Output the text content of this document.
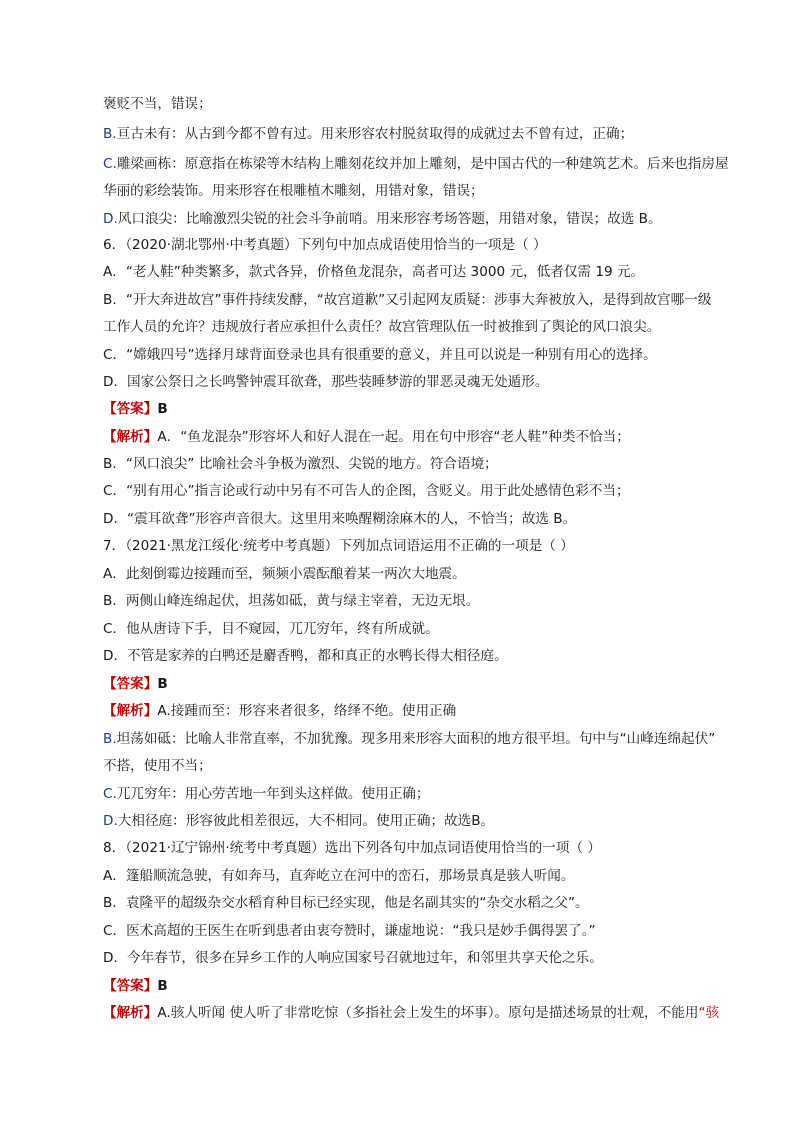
褒贬不当，错误；
B.亘古未有：从古到今都不曾有过。用来形容农村脱贫取得的成就过去不曾有过，正确；
C.雕梁画栋：原意指在栋梁等木结构上雕刻花纹并加上雕刻，是中国古代的一种建筑艺术。后来也指房屋
华丽的彩绘装饰。用来形容在根雕植木雕刻，用错对象，错误；
D.风口浪尖：比喻激烈尖锐的社会斗争前哨。用来形容考场答题，用错对象，错误；故选 B。
6．（2020·湖北鄂州·中考真题）下列句中加点成语使用恰当的一项是（ ）
A．“老人鞋”种类繁多，款式各异，价格鱼龙混杂，高者可达 3000 元，低者仅需 19 元。
B．“开大奔进故宫”事件持续发酵，“故宫道歉”又引起网友质疑：涉事大奔被放入，是得到故宫哪一级
工作人员的允许？违规放行者应承担什么责任？故宫管理队伍一时被推到了舆论的风口浪尖。
C．“嫦娥四号”选择月球背面登录也具有很重要的意义，并且可以说是一种别有用心的选择。
D．国家公祭日之长鸣警钟震耳欲聋，那些装睡梦游的罪恶灵魂无处遁形。
【答案】B
【解析】A．“鱼龙混杂”形容坏人和好人混在一起。用在句中形容“老人鞋”种类不恰当；
B．“风口浪尖” 比喻社会斗争极为激烈、尖锐的地方。符合语境；
C．“别有用心”指言论或行动中另有不可告人的企图，含贬义。用于此处感情色彩不当；
D．“震耳欲聋”形容声音很大。这里用来唤醒糊涂麻木的人，不恰当；故选 B。
7．（2021·黑龙江绥化·统考中考真题）下列加点词语运用不正确的一项是（ ）
A．此刻倒霉边接踵而至，频频小震酝酿着某一两次大地震。
B．两侧山峰连绵起伏，坦荡如砥，黄与绿主宰着，无边无垠。
C．他从唐诗下手，目不窥园，兀兀穷年，终有所成就。
D．不管是家养的白鸭还是麝香鸭，都和真正的水鸭长得大相径庭。
【答案】B
【解析】A.接踵而至：形容来者很多，络绎不绝。使用正确
B.坦荡如砥：比喻人非常直率，不加犹豫。现多用来形容大面积的地方很平坦。句中与“山峰连绵起伏”
不搭，使用不当；
C.兀兀穷年：用心劳苦地一年到头这样做。使用正确；
D.大相径庭：形容彼此相差很远，大不相同。使用正确；故选B。
8．（2021·辽宁锦州·统考中考真题）选出下列各句中加点词语使用恰当的一项（ ）
A．篷船顺流急驶，有如奔马，直奔屹立在河中的峦石，那场景真是骇人听闻。
B．袁隆平的超级杂交水稻育种目标已经实现，他是名副其实的“杂交水稻之父”。
C．医术高超的王医生在听到患者由衷夸赞时，谦虚地说：“我只是妙手偶得罢了。”
D．今年春节，很多在异乡工作的人响应国家号召就地过年，和邻里共享天伦之乐。
【答案】B
【解析】A.骇人听闻 使人听了非常吃惊（多指社会上发生的坏事）。原句是描述场景的壮观，不能用“骇
